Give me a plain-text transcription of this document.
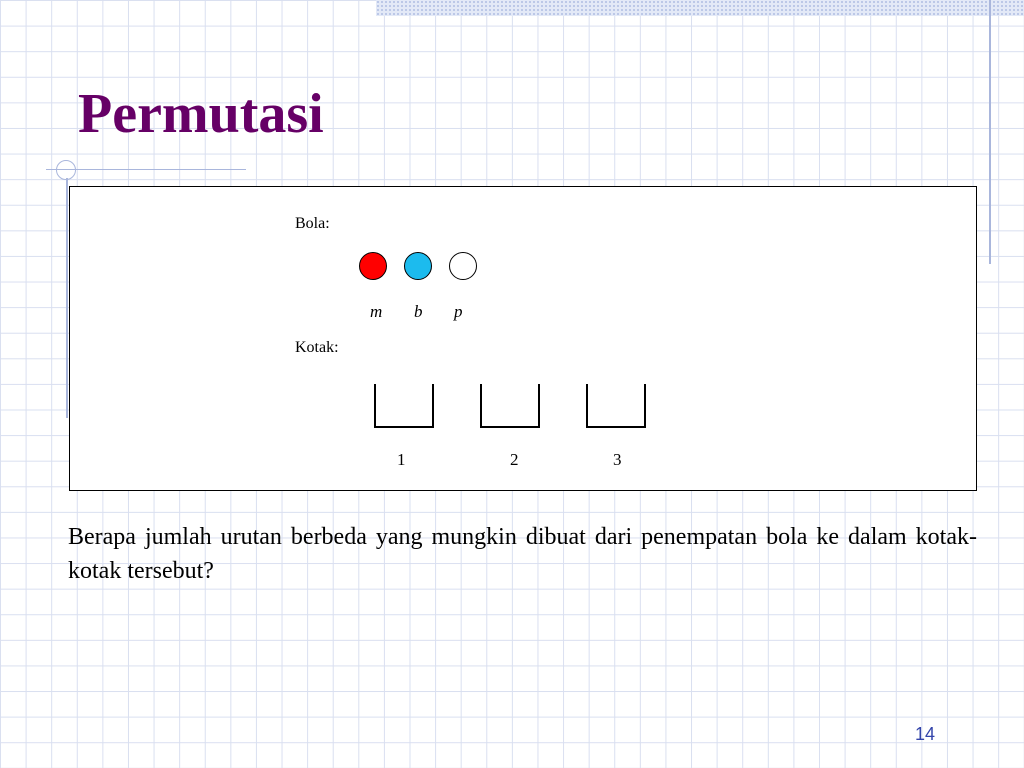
Permutasi
Bola:
m b p
Kotak:
1	2	3

Berapa jumlah urutan berbeda yang mungkin dibuat dari penempatan bola ke dalam kotak-kotak tersebut?

14
